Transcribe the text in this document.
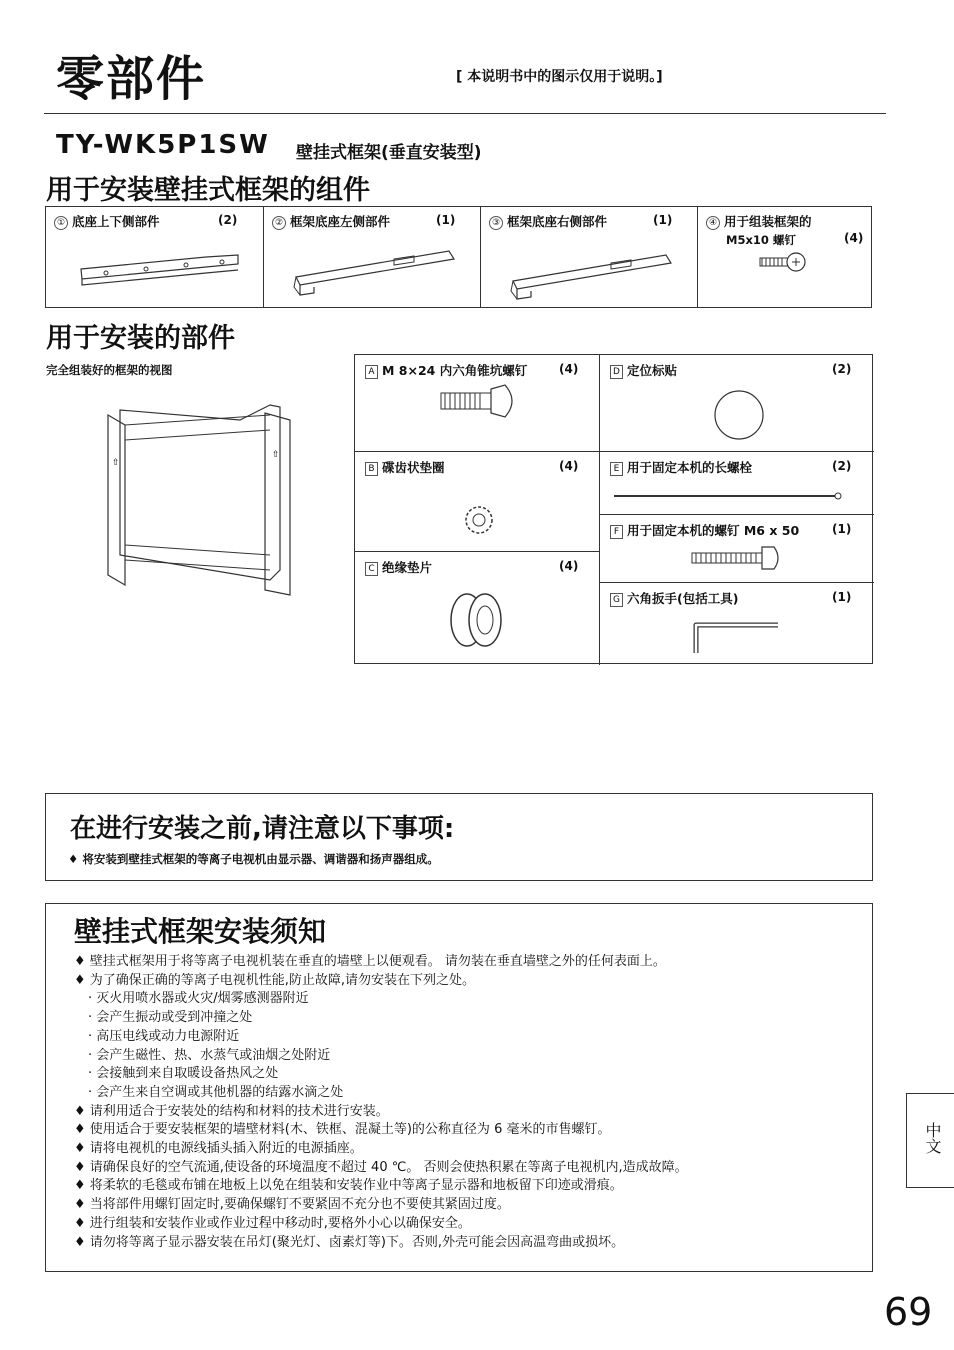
零部件	[ 本说明书中的图示仅用于说明。]
TY-WK5P1SW 壁挂式框架(垂直安装型)
用于安装壁挂式框架的组件
① 底座上下侧部件	(2)	② 框架底座左侧部件	(1)	③ 框架底座右侧部件	(1)	④ 用于组装框架的
M5x10 螺钉	(4)
用于安装的部件
完全组装好的框架的视图
⇧
⇧
A M 8×24 内六角锥坑螺钉	(4)
B 碟齿状垫圈	(4)
C 绝缘垫片	(4)
D 定位标贴	(2)
E 用于固定本机的长螺栓	(2)
F 用于固定本机的螺钉 M6 x 50	(1)
G 六角扳手(包括工具)	(1)
在进行安装之前,请注意以下事项:
♦ 将安装到壁挂式框架的等离子电视机由显示器、调谐器和扬声器组成。
壁挂式框架安装须知
♦ 壁挂式框架用于将等离子电视机装在垂直的墙壁上以便观看。 请勿装在垂直墙壁之外的任何表面上。
♦ 为了确保正确的等离子电视机性能,防止故障,请勿安装在下列之处。
· 灭火用喷水器或火灾/烟雾感测器附近
· 会产生振动或受到冲撞之处
· 高压电线或动力电源附近
· 会产生磁性、热、水蒸气或油烟之处附近
· 会接触到来自取暖设备热风之处
· 会产生来自空调或其他机器的结露水滴之处
♦ 请利用适合于安装处的结构和材料的技术进行安装。
♦ 使用适合于要安装框架的墙壁材料(木、铁框、混凝土等)的公称直径为 6 毫米的市售螺钉。
♦ 请将电视机的电源线插头插入附近的电源插座。
♦ 请确保良好的空气流通,使设备的环境温度不超过 40 ℃。 否则会使热积累在等离子电视机内,造成故障。
♦ 将柔软的毛毯或布铺在地板上以免在组装和安装作业中等离子显示器和地板留下印迹或滑痕。
♦ 当将部件用螺钉固定时,要确保螺钉不要紧固不充分也不要使其紧固过度。
♦ 进行组装和安装作业或作业过程中移动时,要格外小心以确保安全。
♦ 请勿将等离子显示器安装在吊灯(聚光灯、卤素灯等)下。否则,外壳可能会因高温弯曲或损坏。
中文
69
